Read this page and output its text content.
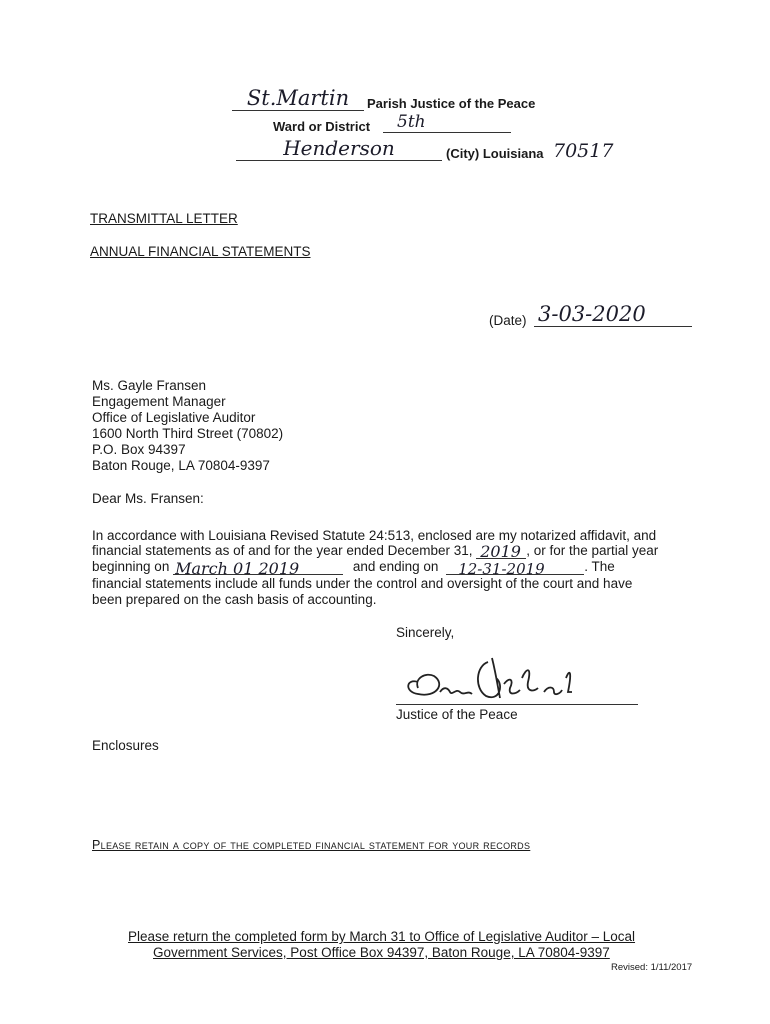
St.Martin	Parish Justice of the Peace
Ward or District 5th
Henderson	(City) Louisiana 70517
TRANSMITTAL LETTER
ANNUAL FINANCIAL STATEMENTS
(Date) 3-03-2020
Ms. Gayle Fransen
Engagement Manager
Office of Legislative Auditor
1600 North Third Street (70802)
P.O. Box 94397
Baton Rouge, LA 70804-9397
Dear Ms. Fransen:
In accordance with Louisiana Revised Statute 24:513, enclosed are my notarized affidavit, and
financial statements as of and for the year ended December 31, 2019 , or for the partial year
beginning on March 01 2019	and ending on 12-31-2019	. The
financial statements include all funds under the control and oversight of the court and have
been prepared on the cash basis of accounting.
Sincerely,
Justice of the Peace
Enclosures
Please retain a copy of the completed financial statement for your records
Please return the completed form by March 31 to Office of Legislative Auditor – Local
Government Services, Post Office Box 94397, Baton Rouge, LA 70804-9397
Revised: 1/11/2017
